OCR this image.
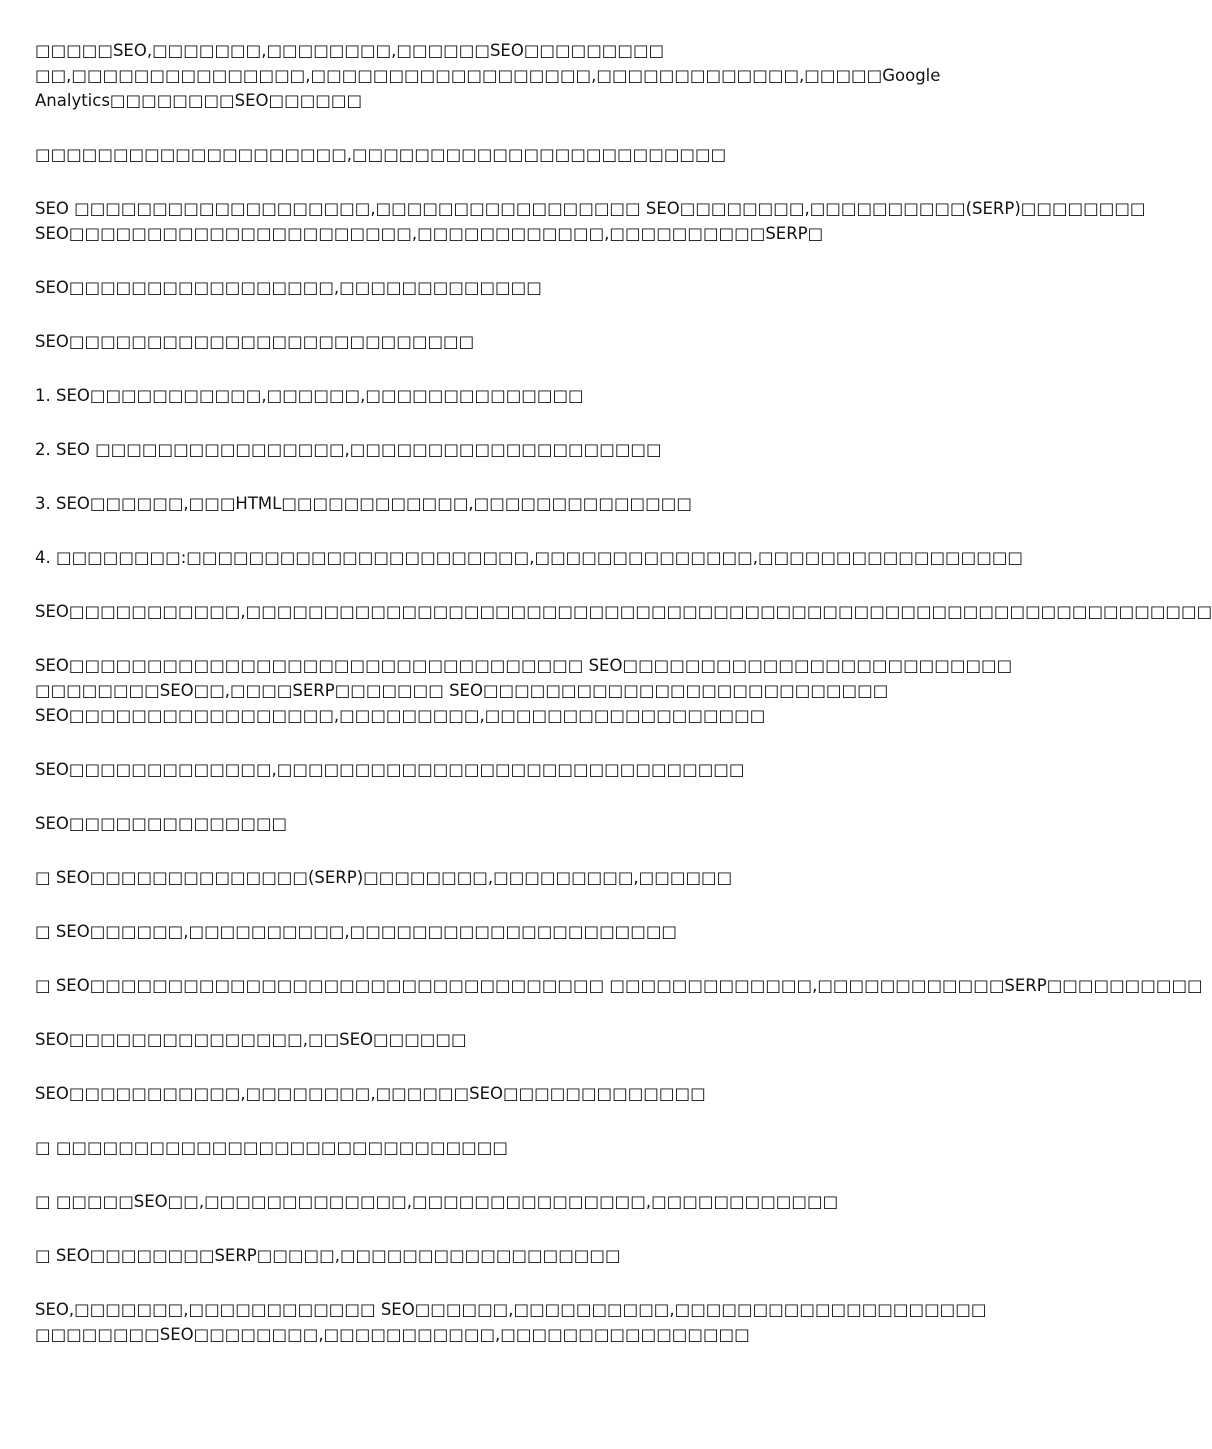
□□□□□SEO,□□□□□□□,□□□□□□□□,□□□□□□SEO□□□□□□□□□
□□,□□□□□□□□□□□□□□□,□□□□□□□□□□□□□□□□□□,□□□□□□□□□□□□□,□□□□□Google
Analytics□□□□□□□□SEO□□□□□□
□□□□□□□□□□□□□□□□□□□□,□□□□□□□□□□□□□□□□□□□□□□□□
SEO □□□□□□□□□□□□□□□□□□□,□□□□□□□□□□□□□□□□□ SEO□□□□□□□□,□□□□□□□□□□(SERP)□□□□□□□□
SEO□□□□□□□□□□□□□□□□□□□□□□,□□□□□□□□□□□□,□□□□□□□□□□SERP□
SEO□□□□□□□□□□□□□□□□□,□□□□□□□□□□□□□
SEO□□□□□□□□□□□□□□□□□□□□□□□□□□
1. SEO□□□□□□□□□□□,□□□□□□,□□□□□□□□□□□□□□
2. SEO □□□□□□□□□□□□□□□□,□□□□□□□□□□□□□□□□□□□□
3. SEO□□□□□□,□□□HTML□□□□□□□□□□□□,□□□□□□□□□□□□□□
4. □□□□□□□□:□□□□□□□□□□□□□□□□□□□□□□,□□□□□□□□□□□□□□,□□□□□□□□□□□□□□□□□
SEO□□□□□□□□□□□,□□□□□□□□□□□□□□□□□□□□□□□□□□□□□□□□□□□□□□□□□□□□□□□□□□□□□□□□□□□□□□
SEO□□□□□□□□□□□□□□□□□□□□□□□□□□□□□□□□□ SEO□□□□□□□□□□□□□□□□□□□□□□□□□
□□□□□□□□SEO□□,□□□□SERP□□□□□□□ SEO□□□□□□□□□□□□□□□□□□□□□□□□□□
SEO□□□□□□□□□□□□□□□□□,□□□□□□□□□,□□□□□□□□□□□□□□□□□□
SEO□□□□□□□□□□□□□,□□□□□□□□□□□□□□□□□□□□□□□□□□□□□□
SEO□□□□□□□□□□□□□□
□ SEO□□□□□□□□□□□□□□(SERP)□□□□□□□□,□□□□□□□□□,□□□□□□
□ SEO□□□□□□,□□□□□□□□□□,□□□□□□□□□□□□□□□□□□□□□
□ SEO□□□□□□□□□□□□□□□□□□□□□□□□□□□□□□□□□ □□□□□□□□□□□□□,□□□□□□□□□□□□SERP□□□□□□□□□□
SEO□□□□□□□□□□□□□□□,□□SEO□□□□□□
SEO□□□□□□□□□□□,□□□□□□□□,□□□□□□SEO□□□□□□□□□□□□□
□ □□□□□□□□□□□□□□□□□□□□□□□□□□□□□
□ □□□□□SEO□□,□□□□□□□□□□□□□,□□□□□□□□□□□□□□□,□□□□□□□□□□□□
□ SEO□□□□□□□□SERP□□□□□,□□□□□□□□□□□□□□□□□□
SEO,□□□□□□□,□□□□□□□□□□□□ SEO□□□□□□,□□□□□□□□□□,□□□□□□□□□□□□□□□□□□□□
□□□□□□□□SEO□□□□□□□□,□□□□□□□□□□□,□□□□□□□□□□□□□□□□
